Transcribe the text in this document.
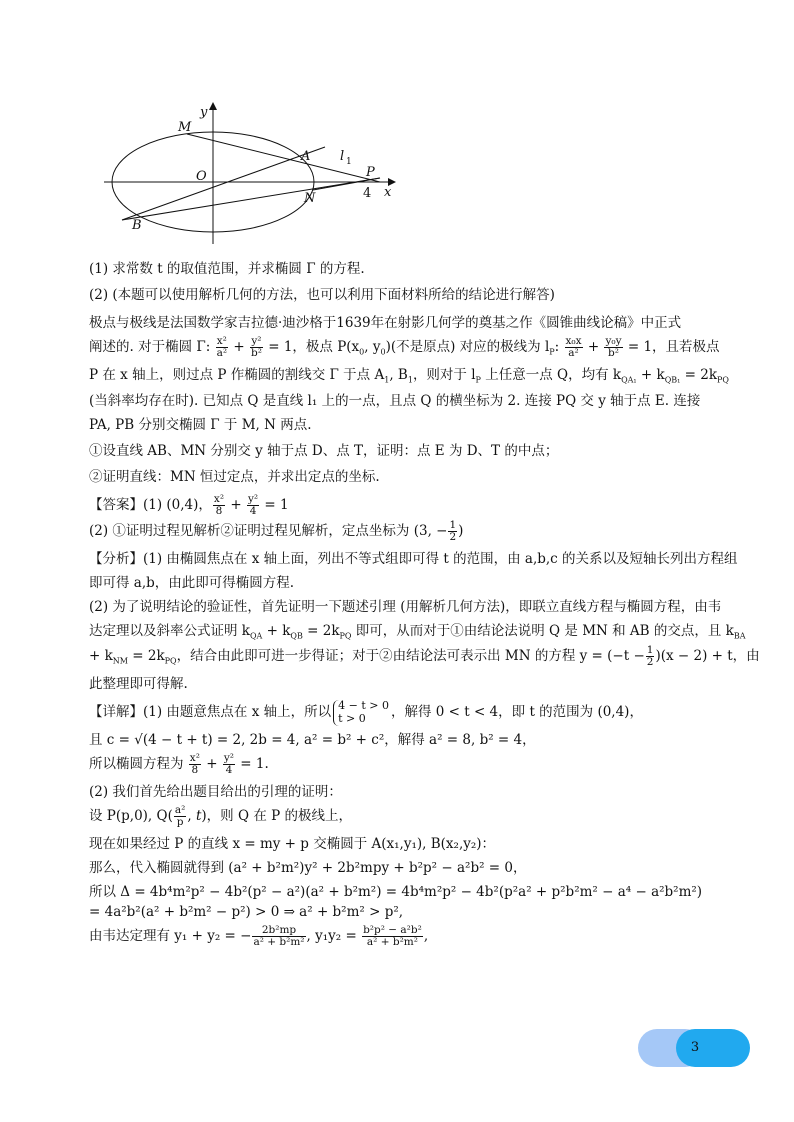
y
x
O
M
A l 1
P
N
B
4

(1) 求常数 t 的取值范围，并求椭圆 Γ 的方程.

(2) (本题可以使用解析几何的方法，也可以利用下面材料所给的结论进行解答)

极点与极线是法国数学家吉拉德·迪沙格于1639年在射影几何学的奠基之作《圆锥曲线论稿》中正式

阐述的. 对于椭圆 Γ: $\frac{\text{x²}}{\text{a²}} + \frac{\text{y²}}{\text{b²}} = 1$，极点 $P(x_0$, $y_0$)(不是原点) 对应的极线为 $l_P$: $\frac{\text{x₀x}}{\text{a²}} + \frac{\text{y₀y}}{\text{b²}} = 1$，且若极点

P 在 x 轴上，则过点 P 作椭圆的割线交 Γ 于点 $A_1$, $B_1$，则对于 $l_P$ 上任意一点 Q，均有 $k_{QA_1} + k_{QB_1} = 2k_{PQ}$

(当斜率均存在时). 已知点 Q 是直线 l₁ 上的一点，且点 Q 的横坐标为 2. 连接 PQ 交 y 轴于点 E. 连接

PA, PB 分别交椭圆 Γ 于 M, N 两点.

①设直线 AB、MN 分别交 y 轴于点 D、点 T，证明：点 E 为 D、T 的中点；

②证明直线：MN 恒过定点，并求出定点的坐标.

【答案】(1) (0,4)， $\frac{\text{x²}}{8} + \frac{\text{y²}}{4} = 1$

(2) ①证明过程见解析②证明过程见解析，定点坐标为 (3, − $\frac{1}{2}$ )

【分析】(1) 由椭圆焦点在 x 轴上面，列出不等式组即可得 t 的范围，由 a,b,c 的关系以及短轴长列出方程组

即可得 a,b，由此即可得椭圆方程.

(2) 为了说明结论的验证性，首先证明一下题述引理 (用解析几何方法)，即联立直线方程与椭圆方程，由韦

达定理以及斜率公式证明 $k_{QA} + k_{QB} = 2k_{PQ}$ 即可，从而对于①由结论法说明 Q 是 MN 和 AB 的交点，且 $k_{BA}$

+ $k_{NM} = 2k_{PQ}$，结合由此即可进一步得证；对于②由结论法可表示出 MN 的方程 $y = (-t - \frac{1}{2} )(x - 2) + t$，由

此整理即可得解.

【详解】(1) 由题意焦点在 x 轴上，所以 4 − t > 0
t > 0	，解得 0 < t < 4，即 t 的范围为 (0,4)，

且 c = √(4 − t + t) = 2, 2b = 4, a² = b² + c²，解得 a² = 8, b² = 4，

所以椭圆方程为 $\frac{\text{x²}}{8} + \frac{\text{y²}}{4} = 1$.

(2) 我们首先给出题目给出的引理的证明：

设 P(p,0), $Q( \frac{\text{a²}}{p}$ , t)，则 Q 在 P 的极线上，

现在如果经过 P 的直线 x = my + p 交椭圆于 A(x₁,y₁), B(x₂,y₂)：

那么，代入椭圆就得到 (a² + b²m²)y² + 2b²mpy + b²p² − a²b² = 0，

所以 Δ = 4b⁴m²p² − 4b²(p² − a²)(a² + b²m²) = 4b⁴m²p² − 4b²(p²a² + p²b²m² − a⁴ − a²b²m²)

= 4a²b²(a² + b²m² − p²) > 0 ⇒ a² + b²m² > p²,

由韦达定理有 y₁ + y₂ = − $\frac{\text{2b²mp}}{\text{a² + b²m²}}$ , $y_1y_2 = \frac{\text{b²p² − a²b²}}{\text{a² + b²m²}}$ ,

3
